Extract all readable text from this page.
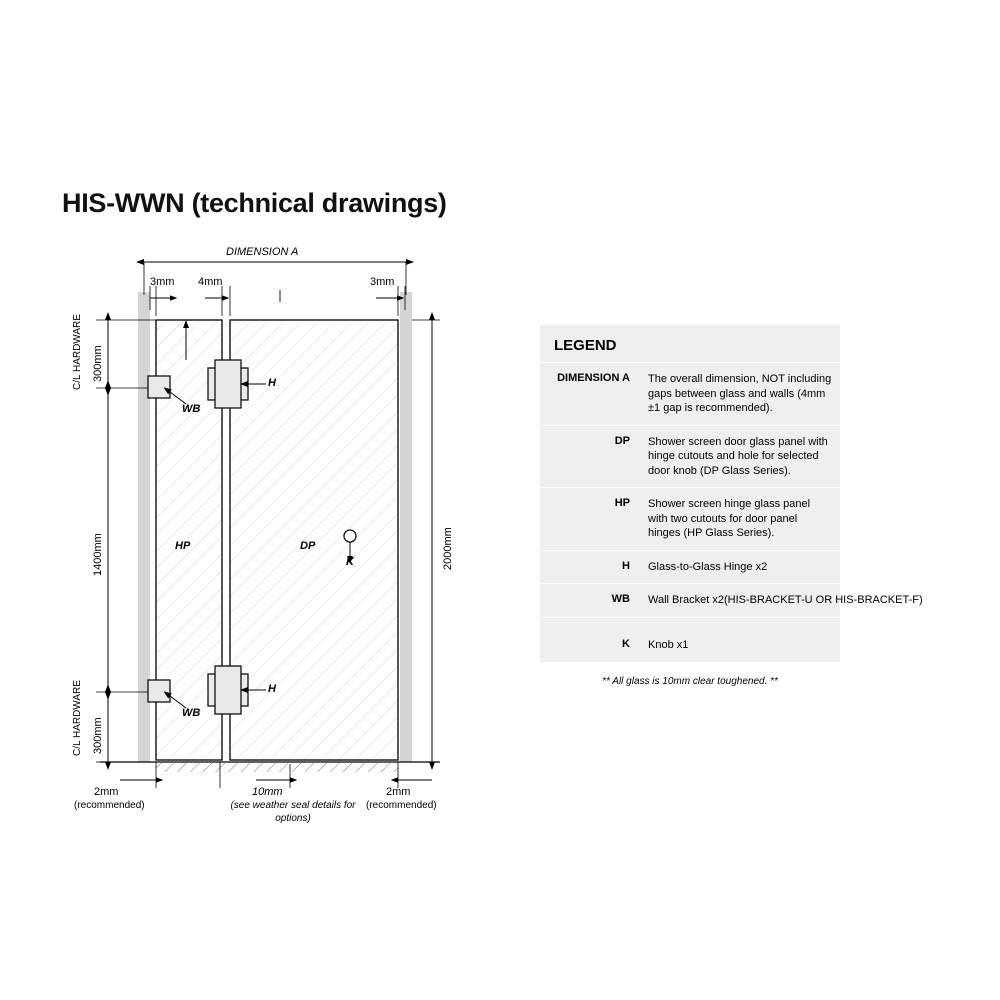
HIS-WWN (technical drawings)
DIMENSION A
3mm 4mm	3mm
2000mm
C/L HARDWARE 300mm
1400mm
C/L HARDWARE 300mm
HP	DP
H
H
WB
WB
K
2mm
(recommended)
10mm
(see weather seal details for options)
2mm
(recommended)
LEGEND
DIMENSION A	The overall dimension, NOT including gaps between glass and walls (4mm ±1 gap is recommended).
DP	Shower screen door glass panel with hinge cutouts and hole for selected door knob (DP Glass Series).
HP	Shower screen hinge glass panel with two cutouts for door panel hinges (HP Glass Series).
H	Glass-to-Glass Hinge x2
WB	Wall Bracket x2(HIS-BRACKET-U OR HIS-BRACKET-F)
K	Knob x1
** All glass is 10mm clear toughened. **
